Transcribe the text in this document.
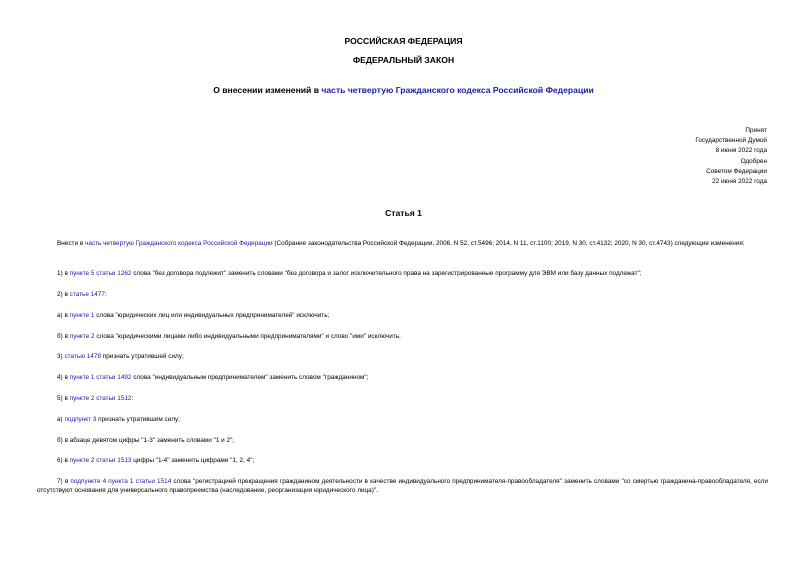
РОССИЙСКАЯ ФЕДЕРАЦИЯ
ФЕДЕРАЛЬНЫЙ ЗАКОН
О внесении изменений в часть четвертую Гражданского кодекса Российской Федерации
Принят
Государственной Думой
8 июня 2022 года
Одобрен
Советом Федерации
22 июня 2022 года
Статья 1
Внести в часть четвертую Гражданского кодекса Российской Федерации (Собрание законодательства Российской Федерации, 2006, N 52, ст.5496; 2014, N 11, ст.1100; 2019, N 30, ст.4132; 2020, N 30, ст.4743) следующие изменения:
1) в пункте 5 статьи 1262 слова "без договора подлежит" заменить словами "без договора и залог исключительного права на зарегистрированные программу для ЭВМ или базу данных подлежат";
2) в статье 1477:
а) в пункте 1 слова "юридических лиц или индивидуальных предпринимателей" исключить;
б) в пункте 2 слова "юридическими лицами либо индивидуальными предпринимателями" и слово "ими" исключить;
3) статью 1478 признать утратившей силу;
4) в пункте 1 статьи 1492 слова "индивидуальным предпринимателем" заменить словом "гражданином";
5) в пункте 2 статьи 1512:
а) подпункт 3 признать утратившим силу;
б) в абзаце девятом цифры "1-3" заменить словами "1 и 2";
6) в пункте 2 статьи 1513 цифры "1-4" заменить цифрами "1, 2, 4";
7) в подпункте 4 пункта 1 статьи 1514 слова "регистрацией прекращения гражданином деятельности в качестве индивидуального предпринимателя-правообладателя" заменить словами "со смертью гражданина-правообладателя, если отсутствуют основания для универсального правопреемства (наследование, реорганизация юридического лица)".
